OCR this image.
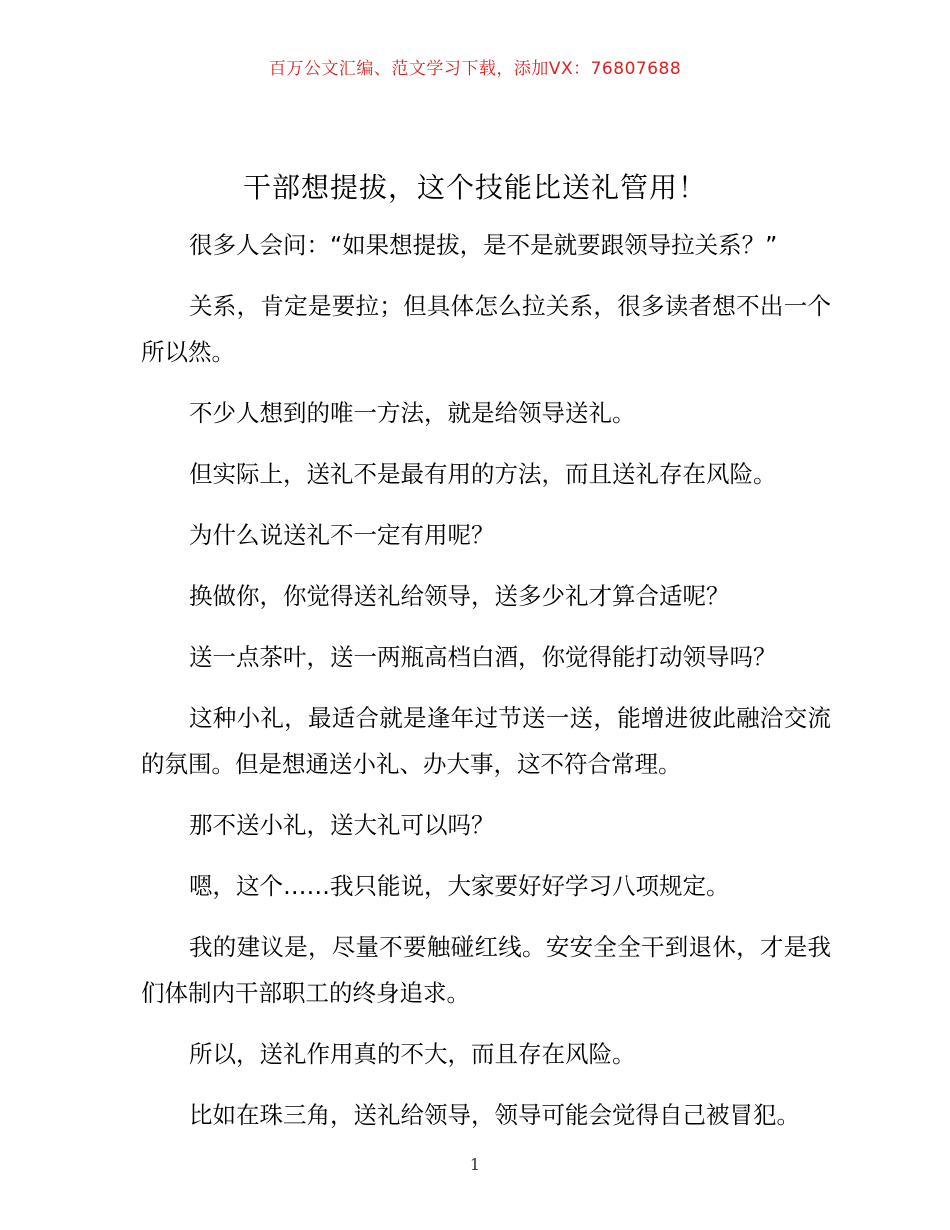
百万公文汇编、范文学习下载，添加VX：76807688
干部想提拔，这个技能比送礼管用！

很多人会问：“如果想提拔，是不是就要跟领导拉关系？”

关系，肯定是要拉；但具体怎么拉关系，很多读者想不出一个所以然。

不少人想到的唯一方法，就是给领导送礼。

但实际上，送礼不是最有用的方法，而且送礼存在风险。

为什么说送礼不一定有用呢？

换做你，你觉得送礼给领导，送多少礼才算合适呢？

送一点茶叶，送一两瓶高档白酒，你觉得能打动领导吗？

这种小礼，最适合就是逢年过节送一送，能增进彼此融洽交流的氛围。但是想通送小礼、办大事，这不符合常理。

那不送小礼，送大礼可以吗？

嗯，这个……我只能说，大家要好好学习八项规定。

我的建议是，尽量不要触碰红线。安安全全干到退休，才是我们体制内干部职工的终身追求。

所以，送礼作用真的不大，而且存在风险。

比如在珠三角，送礼给领导，领导可能会觉得自己被冒犯。

1
